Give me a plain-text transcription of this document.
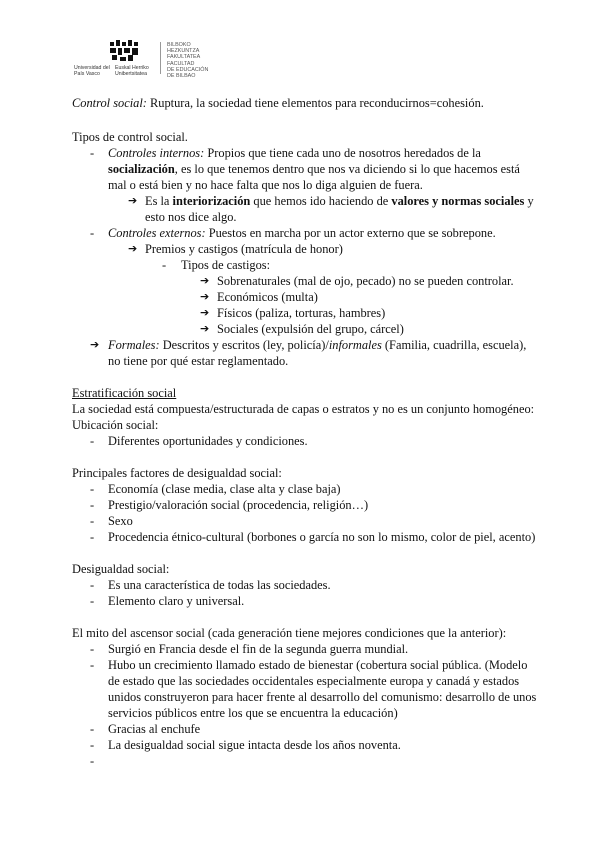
Universidad del País Vasco
Euskal Herriko Unibertsitatea
BILBOKO
HEZKUNTZA
FAKULTATEA
FACULTAD
DE EDUCACIÓN
DE BILBAO
Control social: Ruptura, la sociedad tiene elementos para reconducirnos=cohesión.
Tipos de control social.
- Controles internos: Propios que tiene cada uno de nosotros heredados de la
socialización, es lo que tenemos dentro que nos va diciendo si lo que hacemos está
mal o está bien y no hace falta que nos lo diga alguien de fuera.
➔ Es la interiorización que hemos ido haciendo de valores y normas sociales y
esto nos dice algo.
- Controles externos: Puestos en marcha por un actor externo que se sobrepone.
➔ Premios y castigos (matrícula de honor)
- Tipos de castigos:
➔ Sobrenaturales (mal de ojo, pecado) no se pueden controlar.
➔ Económicos (multa)
➔ Físicos (paliza, torturas, hambres)
➔ Sociales (expulsión del grupo, cárcel)
➔ Formales: Descritos y escritos (ley, policía)/informales (Familia, cuadrilla, escuela),
no tiene por qué estar reglamentado.
Estratificación social
La sociedad está compuesta/estructurada de capas o estratos y no es un conjunto homogéneo:
Ubicación social:
- Diferentes oportunidades y condiciones.
Principales factores de desigualdad social:
- Economía (clase media, clase alta y clase baja)
- Prestigio/valoración social (procedencia, religión…)
- Sexo
- Procedencia étnico-cultural (borbones o garcía no son lo mismo, color de piel, acento)
Desigualdad social:
- Es una característica de todas las sociedades.
- Elemento claro y universal.
El mito del ascensor social (cada generación tiene mejores condiciones que la anterior):
- Surgió en Francia desde el fin de la segunda guerra mundial.
- Hubo un crecimiento llamado estado de bienestar (cobertura social pública. (Modelo
de estado que las sociedades occidentales especialmente europa y canadá y estados
unidos construyeron para hacer frente al desarrollo del comunismo: desarrollo de unos
servicios públicos entre los que se encuentra la educación)
- Gracias al enchufe
- La desigualdad social sigue intacta desde los años noventa.
-
